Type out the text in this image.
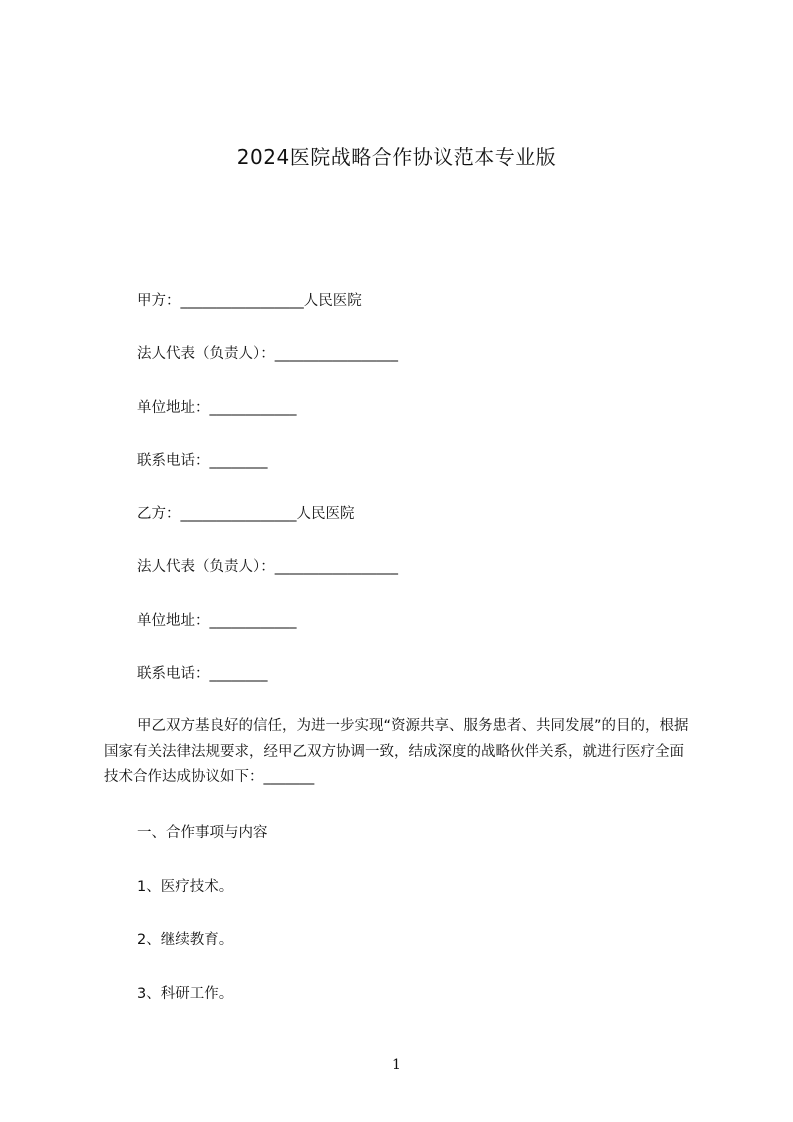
2024医院战略合作协议范本专业版
甲方：_________________人民医院
法人代表（负责人）：_________________
单位地址：____________
联系电话：________
乙方：________________人民医院
法人代表（负责人）：_________________
单位地址：____________
联系电话：________
甲乙双方基良好的信任，为进一步实现“资源共享、服务患者、共同发展”的目的，根据国家有关法律法规要求，经甲乙双方协调一致，结成深度的战略伙伴关系，就进行医疗全面技术合作达成协议如下：_______
一、合作事项与内容
1、医疗技术。
2、继续教育。
3、科研工作。
1
